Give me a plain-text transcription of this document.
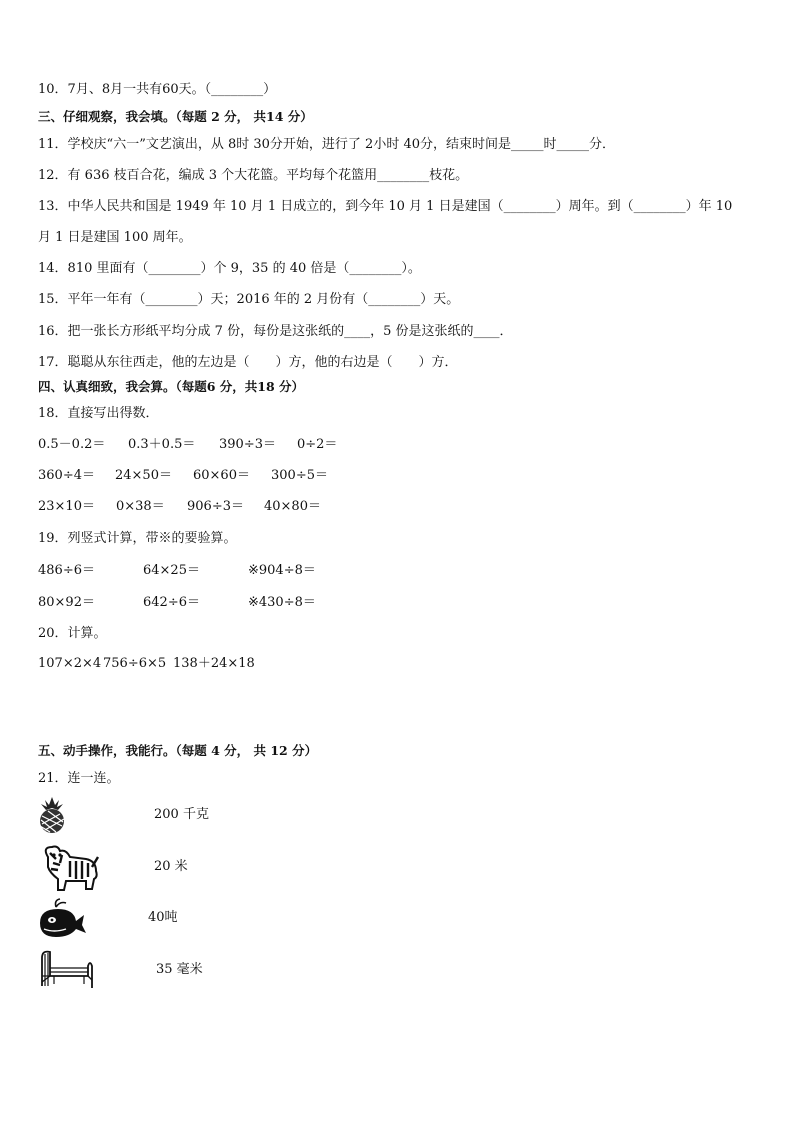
10．7月、8月一共有60天。（________）
三、仔细观察，我会填。（每题 2 分， 共14 分）
11．学校庆“六一”文艺演出，从 8时 30分开始，进行了 2小时 40分，结束时间是_____时_____分．
12．有 636 枝百合花，编成 3 个大花篮。平均每个花篮用________枝花。
13．中华人民共和国是 1949 年 10 月 1 日成立的，到今年 10 月 1 日是建国（________）周年。到（________）年 10
月 1 日是建国 100 周年。
14．810 里面有（________）个 9，35 的 40 倍是（________）。
15．平年一年有（________）天；2016 年的 2 月份有（________）天。
16．把一张长方形纸平均分成 7 份，每份是这张纸的____，5 份是这张纸的____．
17．聪聪从东往西走，他的左边是（　　）方，他的右边是（　　）方．
四、认真细致，我会算。（每题6 分，共18 分）
18．直接写出得数．
0.5－0.2＝ 0.3＋0.5＝ 390÷3＝ 0÷2＝
360÷4＝ 24×50＝ 60×60＝ 300÷5＝
23×10＝ 0×38＝ 906÷3＝ 40×80＝
19．列竖式计算，带※的要验算。
486÷6＝	64×25＝	※904÷8＝
80×92＝	642÷6＝	※430÷8＝
20．计算。
107×2×4 756÷6×5 138＋24×18
五、动手操作，我能行。（每题 4 分， 共 12 分）
21．连一连。
200 千克
20 米
40吨
35 毫米
